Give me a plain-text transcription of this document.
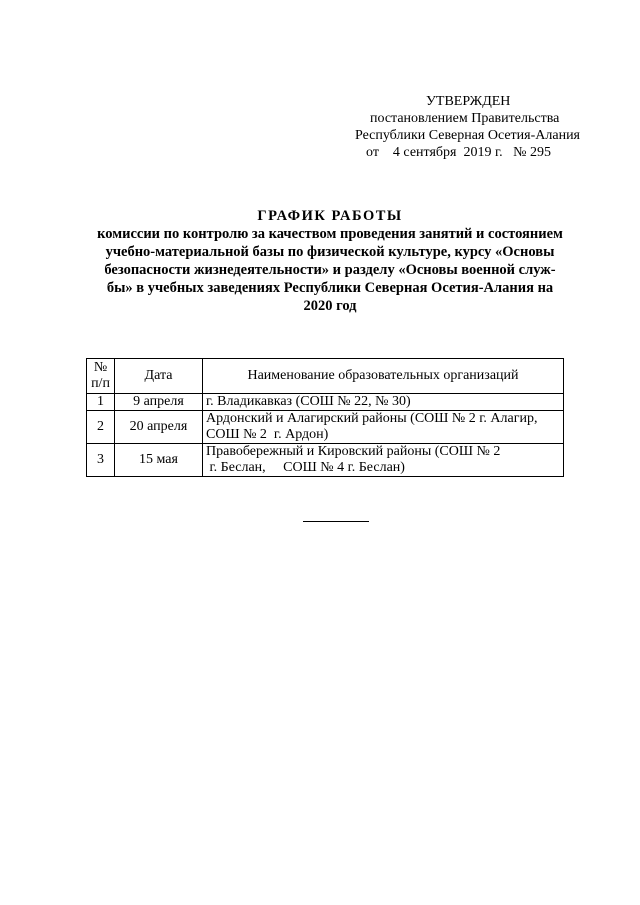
УТВЕРЖДЕН
постановлением Правительства
Республики Северная Осетия-Алания
от    4 сентября  2019 г.   № 295
ГРАФИК РАБОТЫ
комиссии по контролю за качеством проведения занятий и состоянием
учебно-материальной базы по физической культуре, курсу «Основы
безопасности жизнедеятельности» и разделу «Основы военной служ-
бы» в учебных заведениях Республики Северная Осетия-Алания на
2020 год
№
п/п	Дата	Наименование образовательных организаций
1	9 апреля	г. Владикавказ (СОШ № 22, № 30)

2	20 апреля	Ардонский и Алагирский районы (СОШ № 2 г. Алагир,
СОШ № 2  г. Ардон)

3	15 мая	Правобережный и Кировский районы (СОШ № 2
г. Беслан,     СОШ № 4 г. Беслан)
